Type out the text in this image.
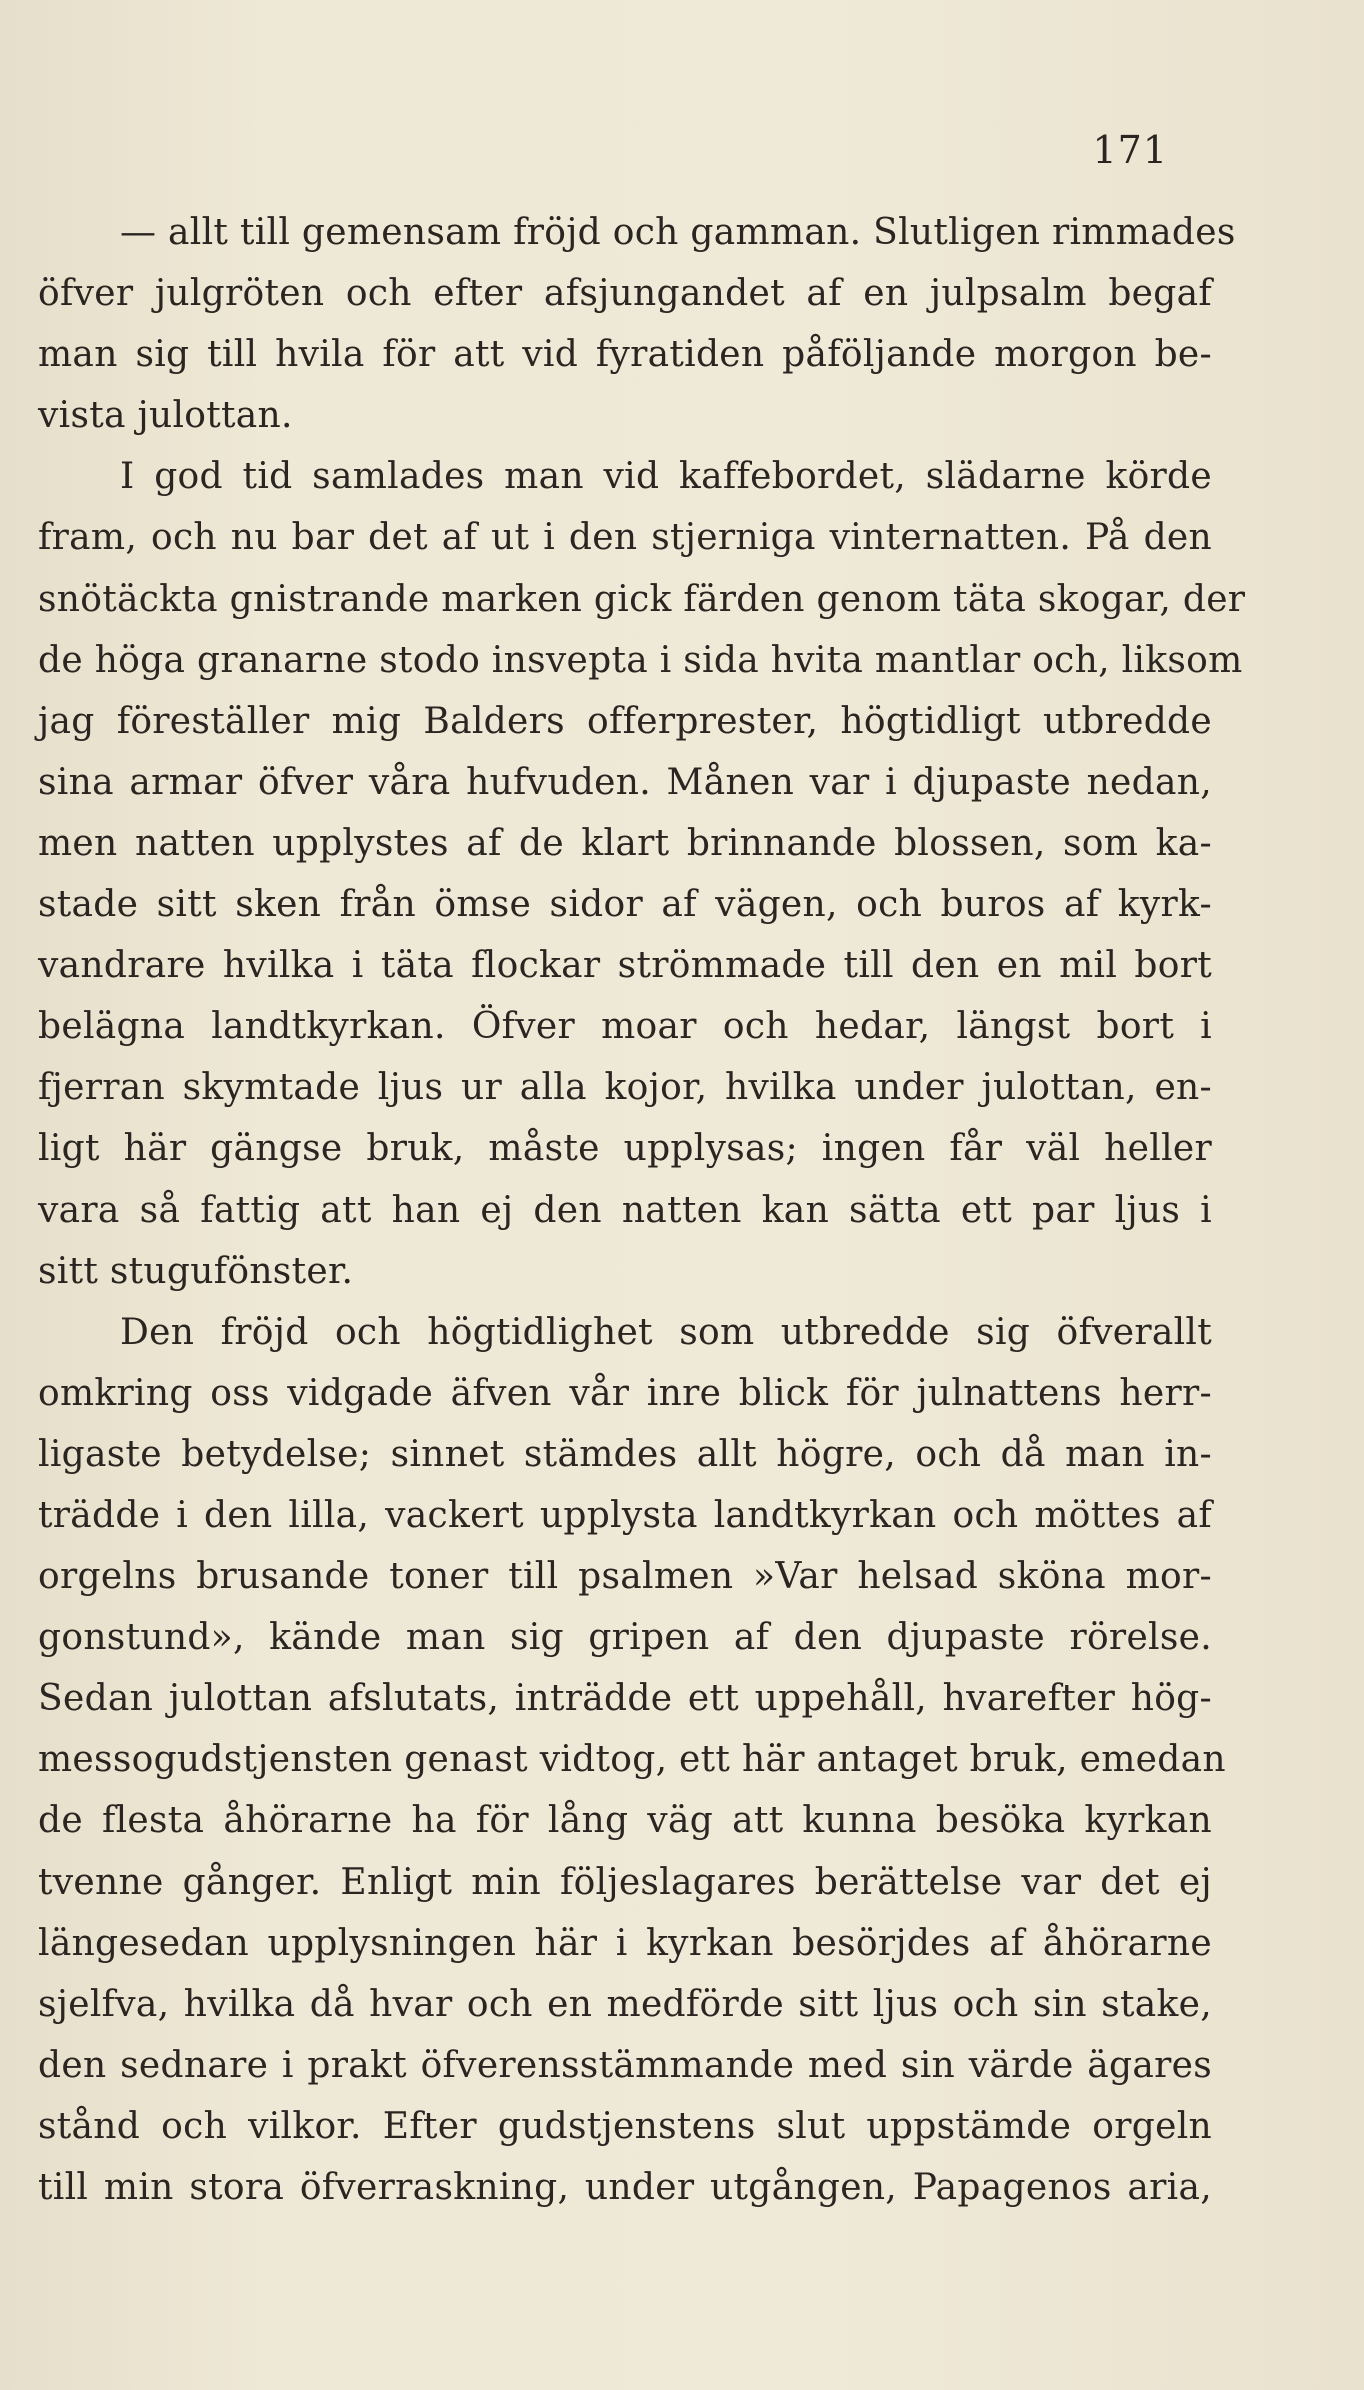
171
— allt till gemensam fröjd och gamman. Slutligen rimmades
öfver julgröten och efter afsjungandet af en julpsalm begaf
man sig till hvila för att vid fyratiden påföljande morgon be-
vista julottan.
I god tid samlades man vid kaffebordet, slädarne körde
fram, och nu bar det af ut i den stjerniga vinternatten. På den
snötäckta gnistrande marken gick färden genom täta skogar, der
de höga granarne stodo insvepta i sida hvita mantlar och, liksom
jag föreställer mig Balders offerprester, högtidligt utbredde
sina armar öfver våra hufvuden. Månen var i djupaste nedan,
men natten upplystes af de klart brinnande blossen, som ka-
stade sitt sken från ömse sidor af vägen, och buros af kyrk-
vandrare hvilka i täta flockar strömmade till den en mil bort
belägna landtkyrkan. Öfver moar och hedar, längst bort i
fjerran skymtade ljus ur alla kojor, hvilka under julottan, en-
ligt här gängse bruk, måste upplysas; ingen får väl heller
vara så fattig att han ej den natten kan sätta ett par ljus i
sitt stugufönster.
Den fröjd och högtidlighet som utbredde sig öfverallt
omkring oss vidgade äfven vår inre blick för julnattens herr-
ligaste betydelse; sinnet stämdes allt högre, och då man in-
trädde i den lilla, vackert upplysta landtkyrkan och möttes af
orgelns brusande toner till psalmen »Var helsad sköna mor-
gonstund», kände man sig gripen af den djupaste rörelse.
Sedan julottan afslutats, inträdde ett uppehåll, hvarefter hög-
messogudstjensten genast vidtog, ett här antaget bruk, emedan
de flesta åhörarne ha för lång väg att kunna besöka kyrkan
tvenne gånger. Enligt min följeslagares berättelse var det ej
längesedan upplysningen här i kyrkan besörjdes af åhörarne
sjelfva, hvilka då hvar och en medförde sitt ljus och sin stake,
den sednare i prakt öfverensstämmande med sin värde ägares
stånd och vilkor. Efter gudstjenstens slut uppstämde orgeln
till min stora öfverraskning, under utgången, Papagenos aria,
